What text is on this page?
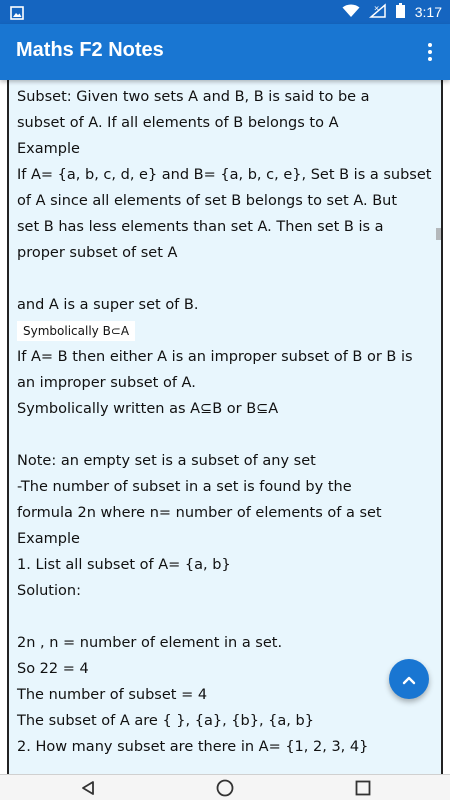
3:17
Maths F2 Notes
Subset: Given two sets A and B, B is said to be a
subset of A. If all elements of B belongs to A
Example
If A= {a, b, c, d, e} and B= {a, b, c, e}, Set B is a subset
of A since all elements of set B belongs to set A. But
set B has less elements than set A. Then set B is a
proper subset of set A
and A is a super set of B.
Symbolically B⊂A
If A= B then either A is an improper subset of B or B is
an improper subset of A.
Symbolically written as A⊆B or B⊆A
Note: an empty set is a subset of any set
-The number of subset in a set is found by the
formula 2n where n= number of elements of a set
Example
1. List all subset of A= {a, b}
Solution:
2n , n = number of element in a set.
So 22 = 4
The number of subset = 4
The subset of A are { }, {a}, {b}, {a, b}
2. How many subset are there in A= {1, 2, 3, 4}
